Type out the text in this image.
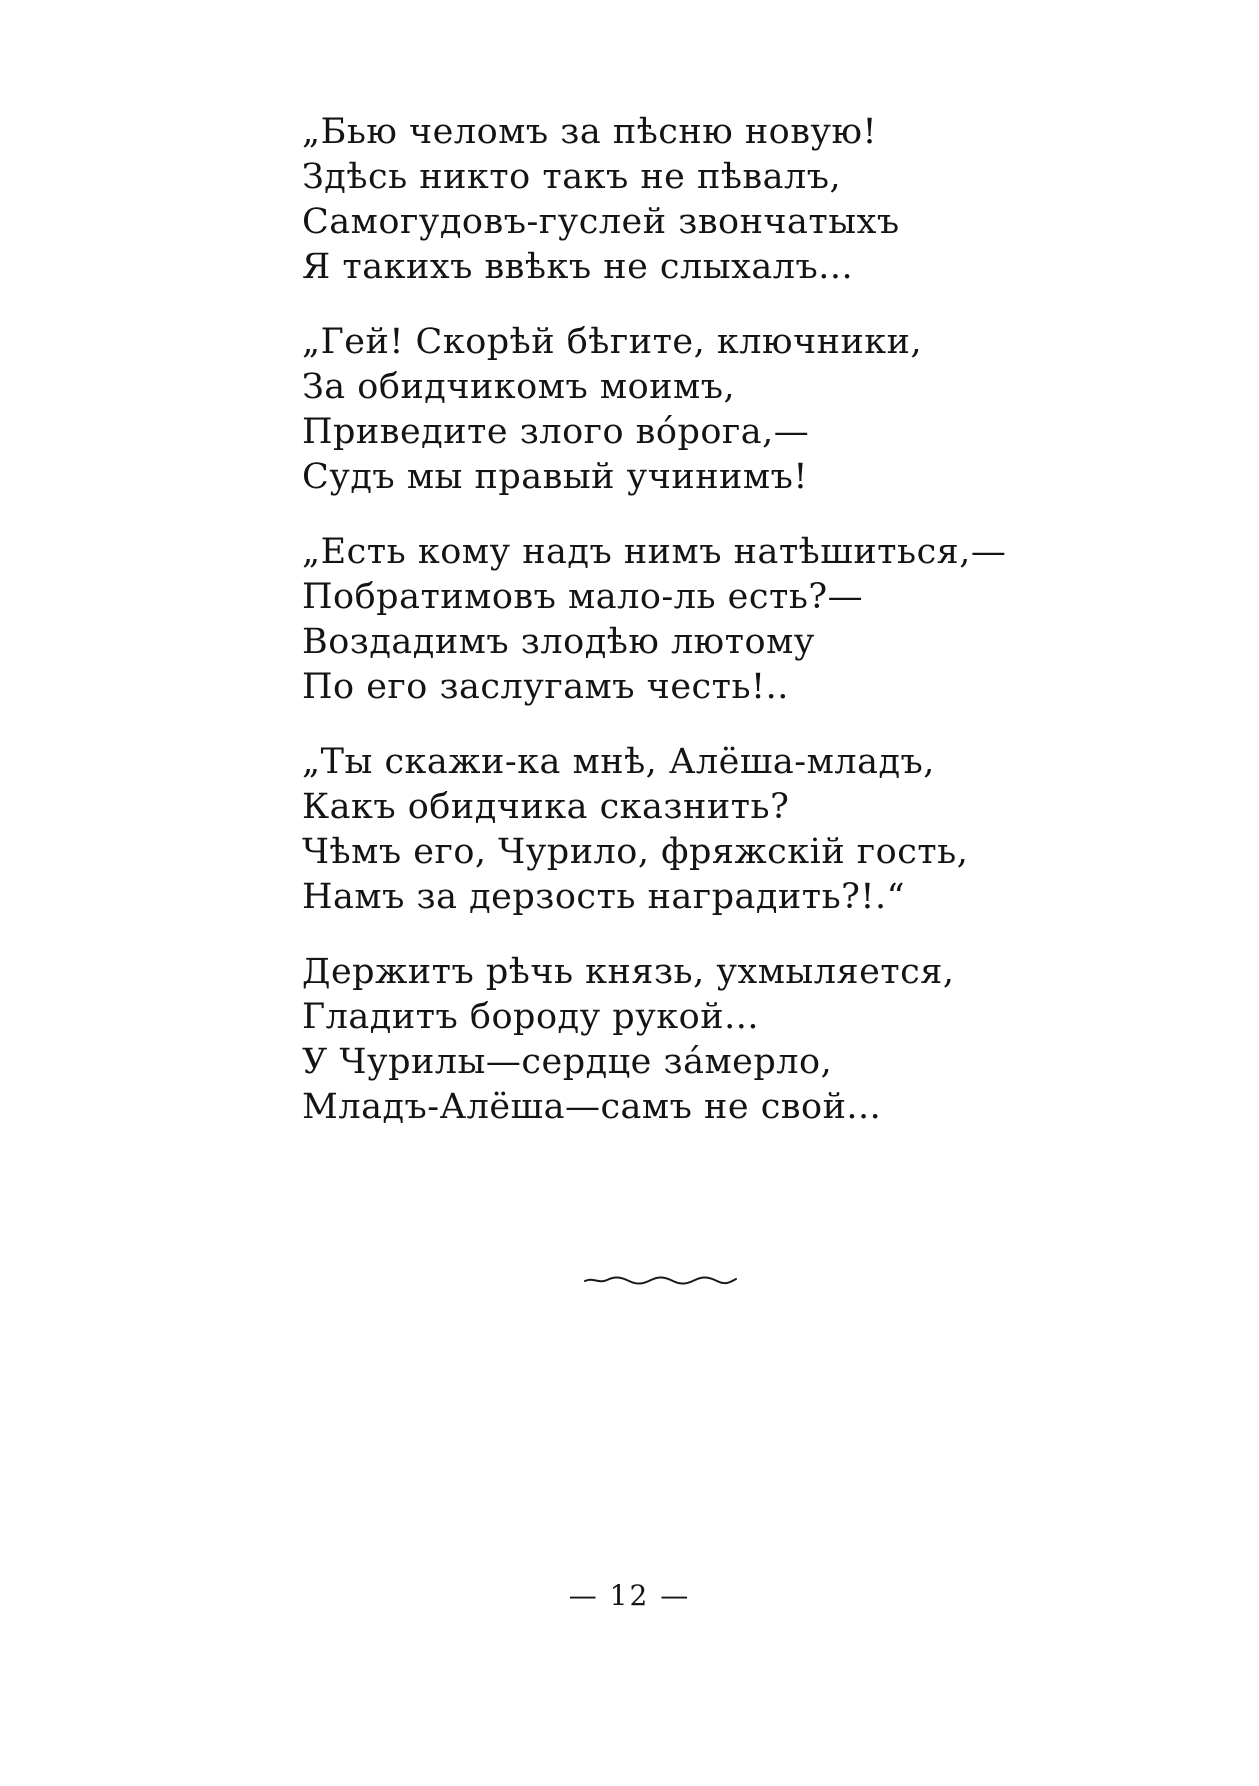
„Бью челомъ за пѣсню новую!
Здѣсь никто такъ не пѣвалъ,
Самогудовъ-гуслей звончатыхъ
Я такихъ ввѣкъ не слыхалъ...
„Гей! Скорѣй бѣгите, ключники,
За обидчикомъ моимъ,
Приведите злого во́рога,—
Судъ мы правый учинимъ!
„Есть кому надъ нимъ натѣшиться,—
Побратимовъ мало-ль есть?—
Воздадимъ злодѣю лютому
По его заслугамъ честь!..
„Ты скажи-ка мнѣ, Алёша-младъ,
Какъ обидчика сказнить?
Чѣмъ его, Чурило, фряжскій гость,
Намъ за дерзость наградить?!.“
Держитъ рѣчь князь, ухмыляется,
Гладитъ бороду рукой...
У Чурилы—сердце за́мерло,
Младъ-Алёша—самъ не свой...
— 12 —
